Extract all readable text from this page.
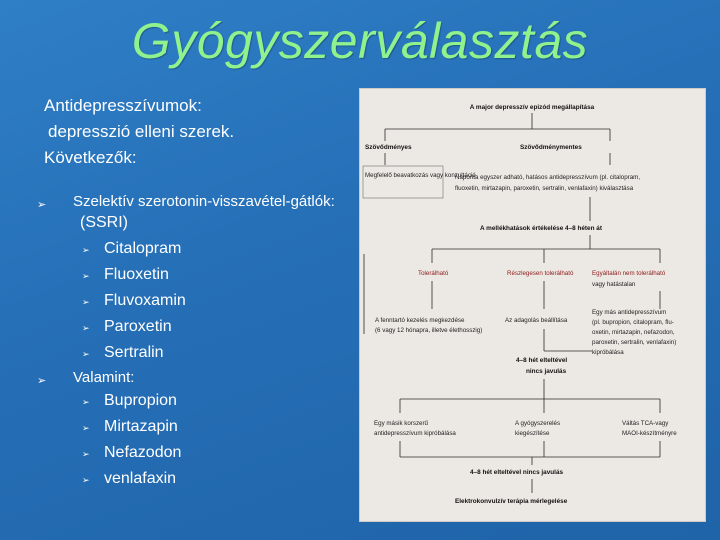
Gyógyszerválasztás
Antidepresszívumok:
depresszió elleni szerek.
Következők:
➢ Szelektív szerotonin-visszavétel-gátlók:
(SSRI)
➢ Citalopram
➢ Fluoxetin
➢ Fluvoxamin
➢ Paroxetin
➢ Sertralin
➢ Valamint:
➢ Bupropion
➢ Mirtazapin
➢ Nefazodon
➢ venlafaxin
A major depresszív epizód megállapítása
Szövődményes	Szövődménymentes
Megfelelő beavatkozás vagy konzultáció
Naponta egyszer adható, hatásos antidepresszívum (pl. citalopram,
fluoxetin, mirtazapin, paroxetin, sertralin, venlafaxin) kiválasztása
A mellékhatások értékelése 4–8 héten át
Tolerálható	Részlegesen tolerálható	Egyáltalán nem tolerálható
vagy hatástalan
A fenntartó kezelés megkezdése
(6 vagy 12 hónapra, illetve élethosszig)
Az adagolás beállítása
Egy más antidepresszívum
(pl. bupropion, citalopram, flu-
oxetin, mirtazapin, nefazodon,
paroxetin, sertralin, venlafaxin)
kipróbálása
4–8 hét elteltével
nincs javulás
Egy másik korszerű
antidepresszívum kipróbálása
A gyógyszerelés
kiegészítése
Váltás TCA-vagy
MAOI-készítményre
4–8 hét elteltével nincs javulás
Elektrokonvulzív terápia mérlegelése
